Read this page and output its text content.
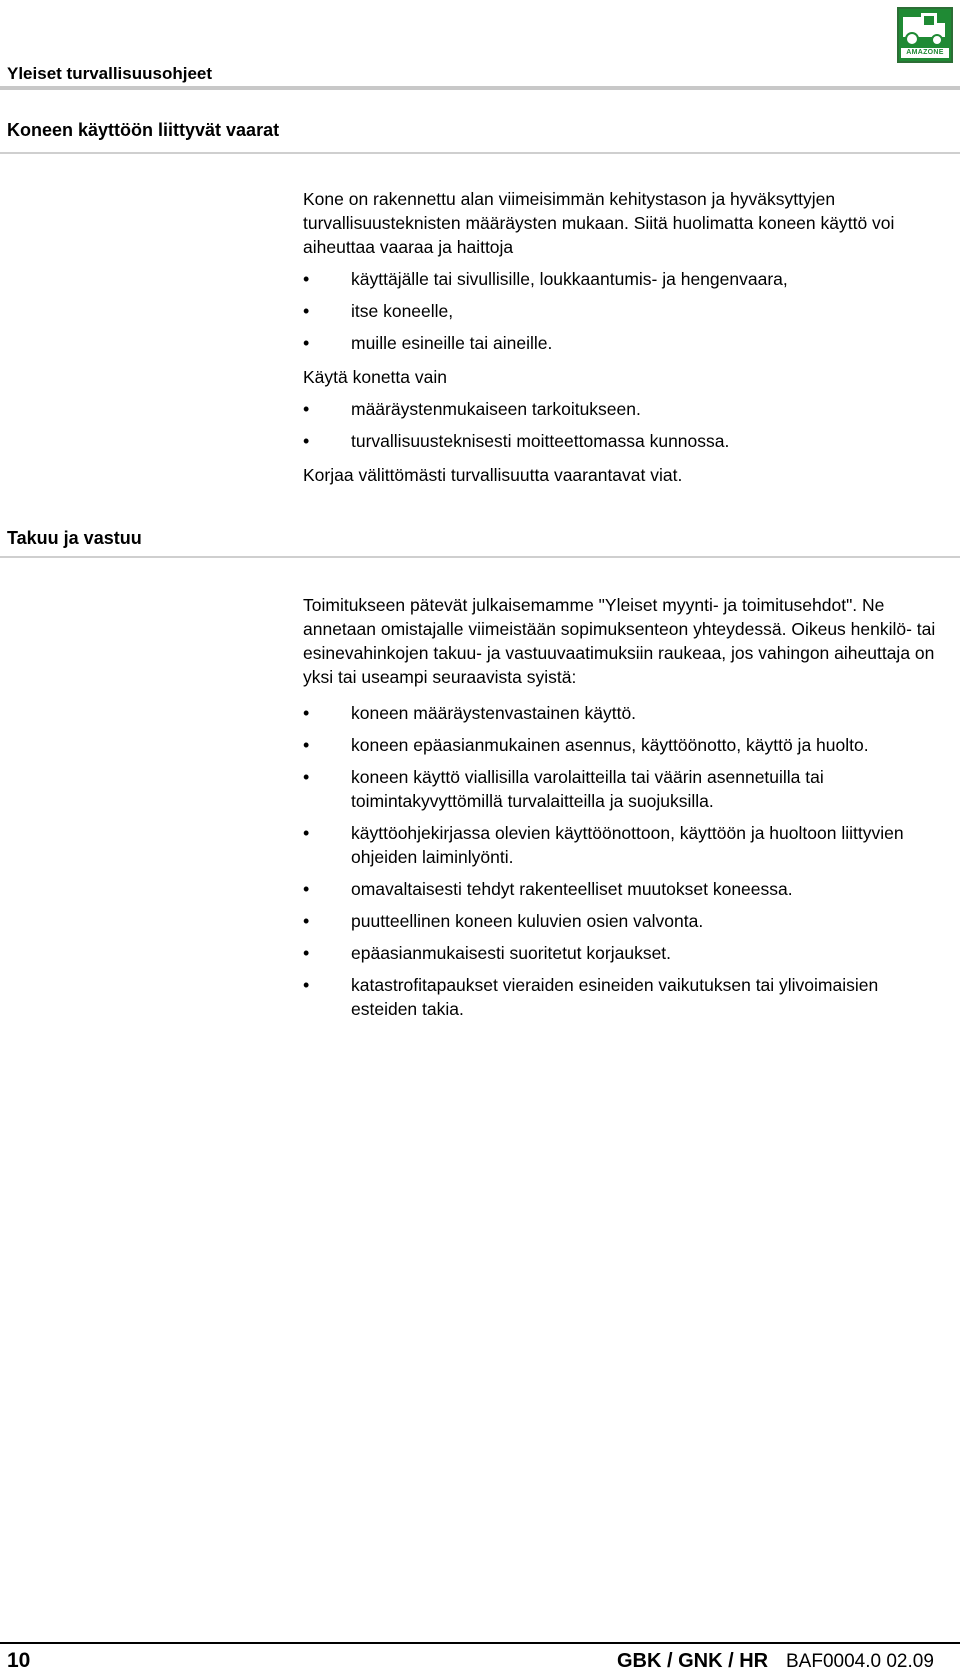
Yleiset turvallisuusohjeet
AMAZONE
Koneen käyttöön liittyvät vaarat

Kone on rakennettu alan viimeisimmän kehitystason ja hyväksyttyjen turvallisuusteknisten määräysten mukaan. Siitä huolimatta koneen käyttö voi aiheuttaa vaaraa ja haittoja

• käyttäjälle tai sivullisille, loukkaantumis- ja hengenvaara,
• itse koneelle,
• muille esineille tai aineille.

Käytä konetta vain

• määräystenmukaiseen tarkoitukseen.
• turvallisuusteknisesti moitteettomassa kunnossa.

Korjaa välittömästi turvallisuutta vaarantavat viat.

Takuu ja vastuu

Toimitukseen pätevät julkaisemamme "Yleiset myynti- ja toimitusehdot". Ne annetaan omistajalle viimeistään sopimuksenteon yhteydessä. Oikeus henkilö- tai esinevahinkojen takuu- ja vastuuvaatimuksiin raukeaa, jos vahingon aiheuttaja on yksi tai useampi seuraavista syistä:

• koneen määräystenvastainen käyttö.
• koneen epäasianmukainen asennus, käyttöönotto, käyttö ja huolto.
• koneen käyttö viallisilla varolaitteilla tai väärin asennetuilla tai toimintakyvyttömillä turvalaitteilla ja suojuksilla.
• käyttöohjekirjassa olevien käyttöönottoon, käyttöön ja huoltoon liittyvien ohjeiden laiminlyönti.
• omavaltaisesti tehdyt rakenteelliset muutokset koneessa.
• puutteellinen koneen kuluvien osien valvonta.
• epäasianmukaisesti suoritetut korjaukset.
• katastrofitapaukset vieraiden esineiden vaikutuksen tai ylivoimaisien esteiden takia.
10	GBK / GNK / HR BAF0004.0 02.09
